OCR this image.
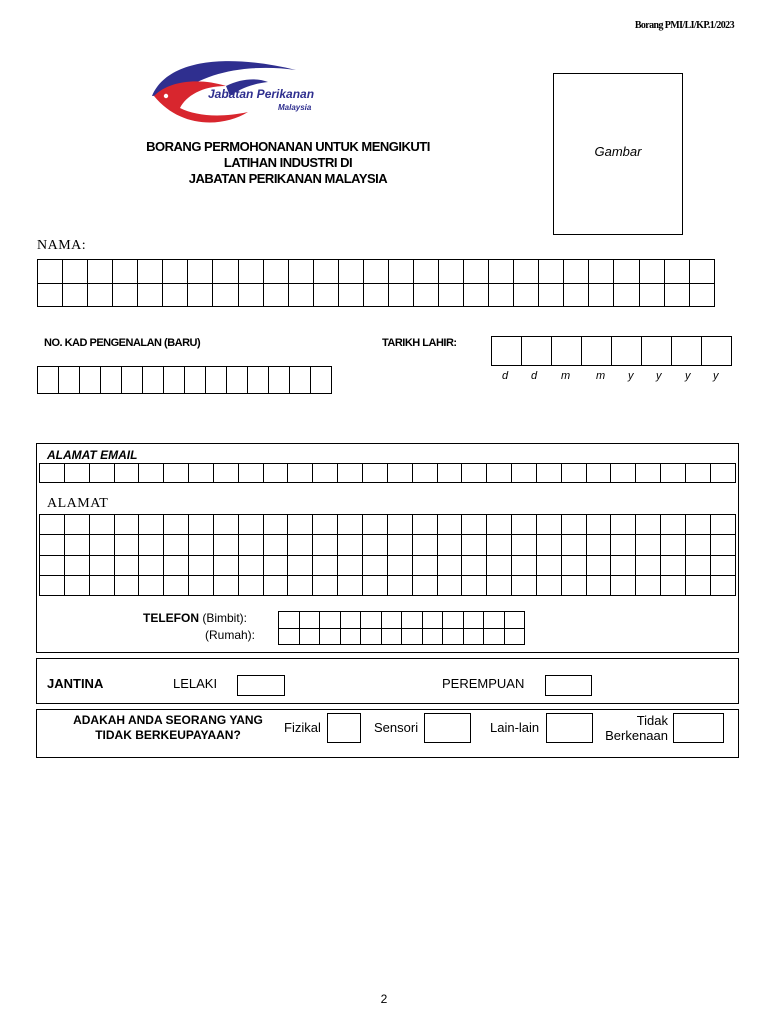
Borang PMI/LI/KP.1/2023
Jabatan Perikanan
Malaysia
BORANG PERMOHONANAN UNTUK MENGIKUTI
LATIHAN INDUSTRI DI
JABATAN PERIKANAN MALAYSIA
Gambar
NAMA:

NO. KAD PENGENALAN (BARU)
														TARIKH LAHIR:

d d m m y y y y
ALAMAT EMAIL

ALAMAT

TELEFON (Bimbit):
(Rumah):

JANTINA	LELAKI	PEREMPUAN
ADAKAH ANDA SEORANG YANG
TIDAK BERKEUPAYAAN?	Fizikal	Sensori	Lain-lain	Tidak
Berkenaan
2
